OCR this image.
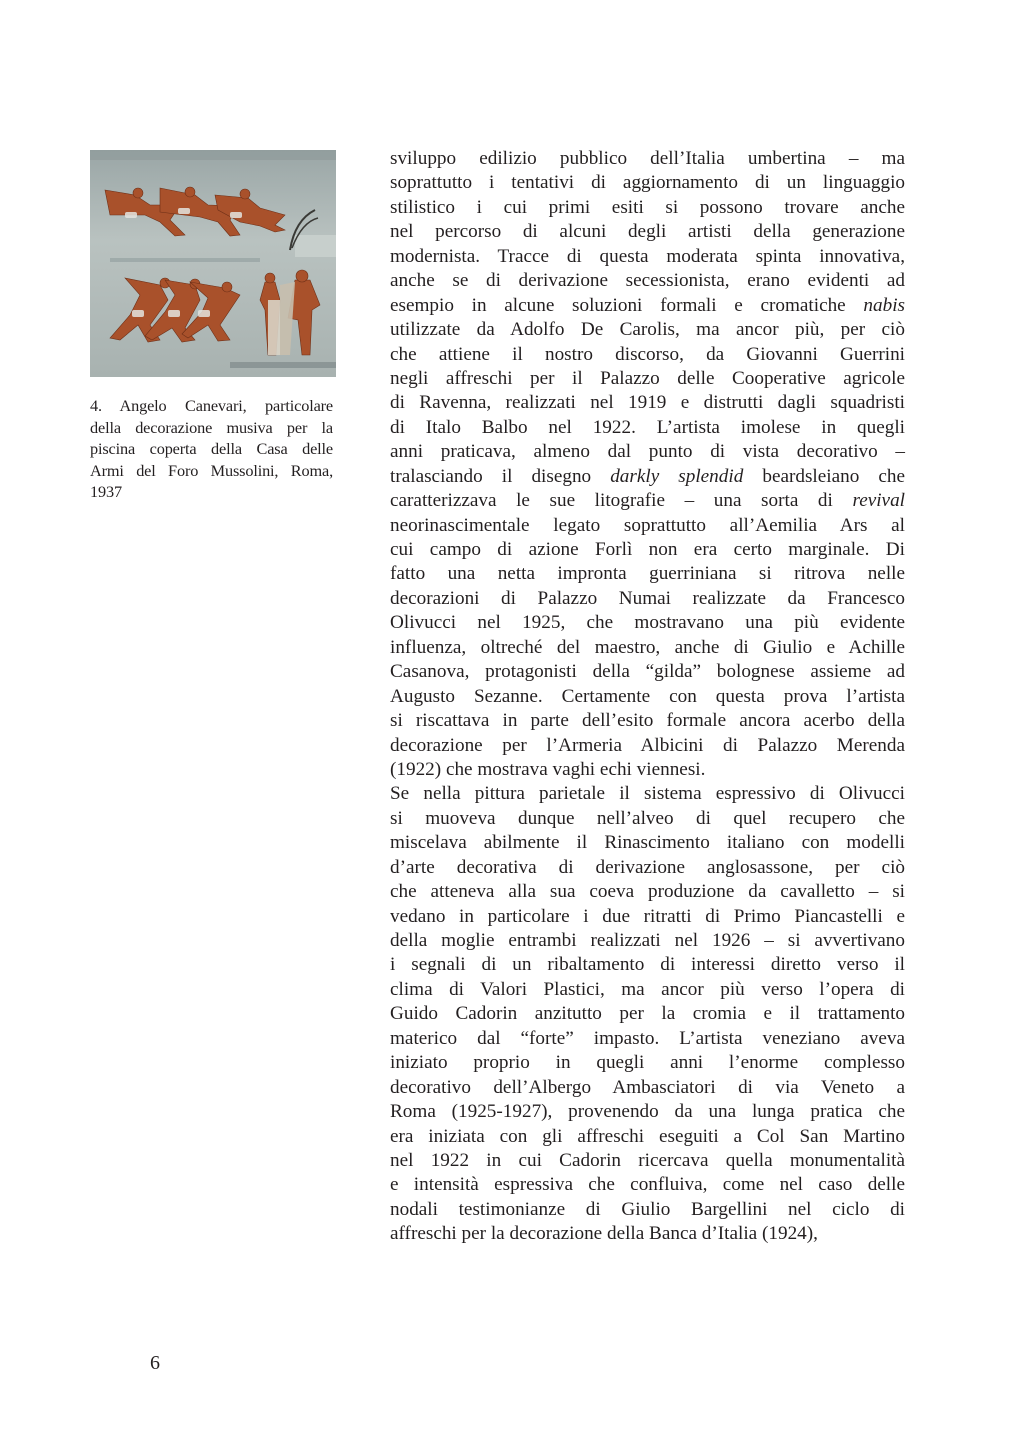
4. Angelo Canevari, particolare
della decorazione musiva per la
piscina coperta della Casa delle
Armi del Foro Mussolini, Roma,
1937
sviluppo edilizio pubblico dell’Italia umbertina – ma
soprattutto i tentativi di aggiornamento di un linguaggio
stilistico i cui primi esiti si possono trovare anche
nel percorso di alcuni degli artisti della generazione
modernista. Tracce di questa moderata spinta innovativa,
anche se di derivazione secessionista, erano evidenti ad
esempio in alcune soluzioni formali e cromatiche nabis
utilizzate da Adolfo De Carolis, ma ancor più, per ciò
che attiene il nostro discorso, da Giovanni Guerrini
negli affreschi per il Palazzo delle Cooperative agricole
di Ravenna, realizzati nel 1919 e distrutti dagli squadristi
di Italo Balbo nel 1922. L’artista imolese in quegli
anni praticava, almeno dal punto di vista decorativo –
tralasciando il disegno darkly splendid beardsleiano che
caratterizzava le sue litografie – una sorta di revival
neorinascimentale legato soprattutto all’Aemilia Ars al
cui campo di azione Forlì non era certo marginale. Di
fatto una netta impronta guerriniana si ritrova nelle
decorazioni di Palazzo Numai realizzate da Francesco
Olivucci nel 1925, che mostravano una più evidente
influenza, oltreché del maestro, anche di Giulio e Achille
Casanova, protagonisti della “gilda” bolognese assieme ad
Augusto Sezanne. Certamente con questa prova l’artista
si riscattava in parte dell’esito formale ancora acerbo della
decorazione per l’Armeria Albicini di Palazzo Merenda
(1922) che mostrava vaghi echi viennesi.
Se nella pittura parietale il sistema espressivo di Olivucci
si muoveva dunque nell’alveo di quel recupero che
miscelava abilmente il Rinascimento italiano con modelli
d’arte decorativa di derivazione anglosassone, per ciò
che atteneva alla sua coeva produzione da cavalletto – si
vedano in particolare i due ritratti di Primo Piancastelli e
della moglie entrambi realizzati nel 1926 – si avvertivano
i segnali di un ribaltamento di interessi diretto verso il
clima di Valori Plastici, ma ancor più verso l’opera di
Guido Cadorin anzitutto per la cromia e il trattamento
materico dal “forte” impasto. L’artista veneziano aveva
iniziato proprio in quegli anni l’enorme complesso
decorativo dell’Albergo Ambasciatori di via Veneto a
Roma (1925-1927), provenendo da una lunga pratica che
era iniziata con gli affreschi eseguiti a Col San Martino
nel 1922 in cui Cadorin ricercava quella monumentalità
e intensità espressiva che confluiva, come nel caso delle
nodali testimonianze di Giulio Bargellini nel ciclo di
affreschi per la decorazione della Banca d’Italia (1924),
6
